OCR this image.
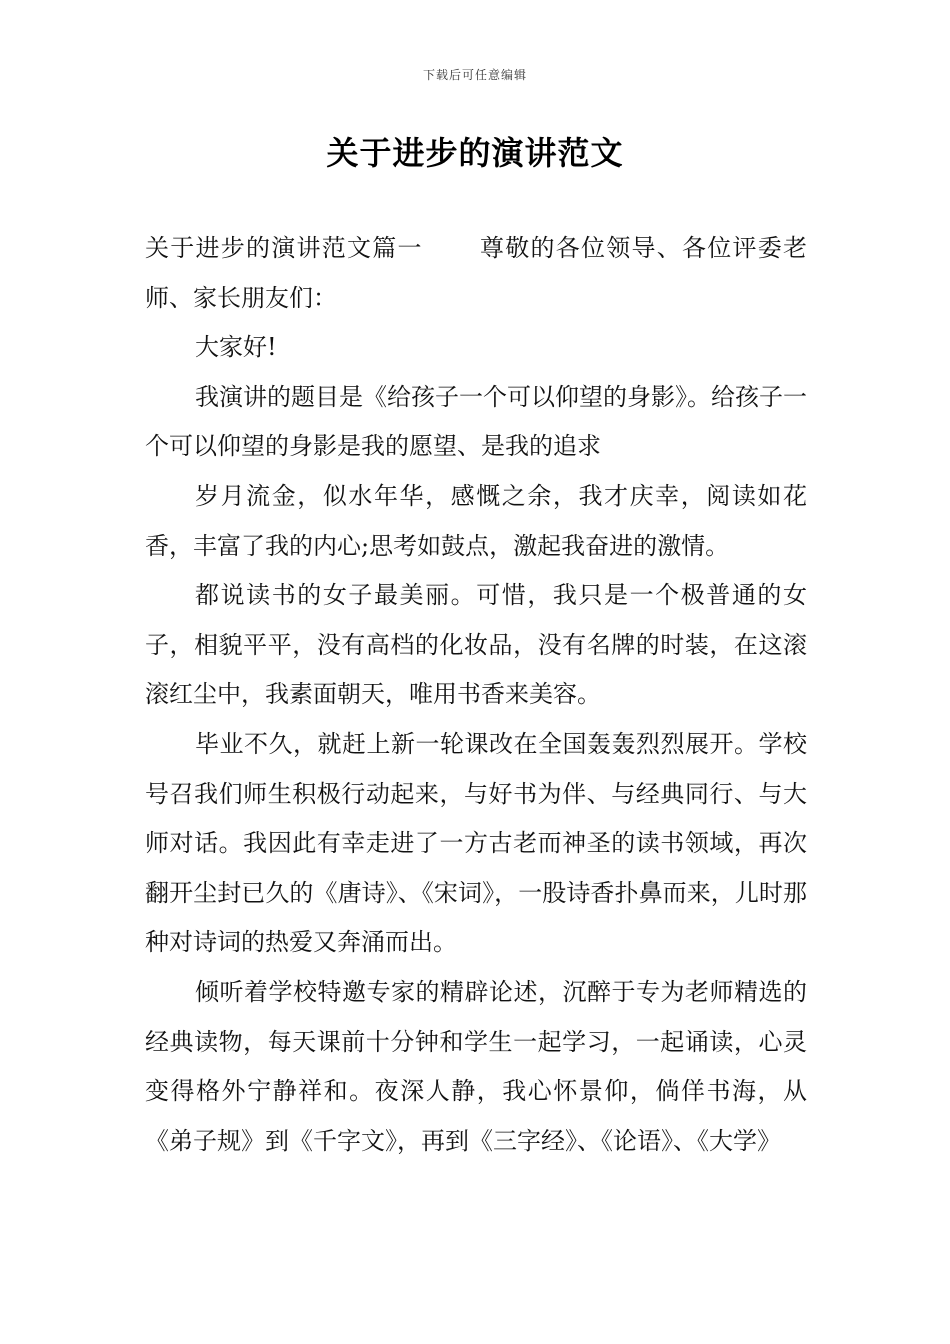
下载后可任意编辑
关于进步的演讲范文

关于进步的演讲范文篇一 尊敬的各位领导、各位评委老师、家长朋友们：

大家好!

我演讲的题目是《给孩子一个可以仰望的身影》。给孩子一个可以仰望的身影是我的愿望、是我的追求

岁月流金，似水年华，感慨之余，我才庆幸，阅读如花香，丰富了我的内心;思考如鼓点，激起我奋进的激情。

都说读书的女子最美丽。可惜，我只是一个极普通的女子，相貌平平，没有高档的化妆品，没有名牌的时装，在这滚滚红尘中，我素面朝天，唯用书香来美容。

毕业不久，就赶上新一轮课改在全国轰轰烈烈展开。学校号召我们师生积极行动起来，与好书为伴、与经典同行、与大师对话。我因此有幸走进了一方古老而神圣的读书领域，再次翻开尘封已久的《唐诗》、《宋词》，一股诗香扑鼻而来，儿时那种对诗词的热爱又奔涌而出。

倾听着学校特邀专家的精辟论述，沉醉于专为老师精选的经典读物，每天课前十分钟和学生一起学习，一起诵读，心灵变得格外宁静祥和。夜深人静，我心怀景仰，倘佯书海，从《弟子规》到《千字文》，再到《三字经》、《论语》、《大学》
